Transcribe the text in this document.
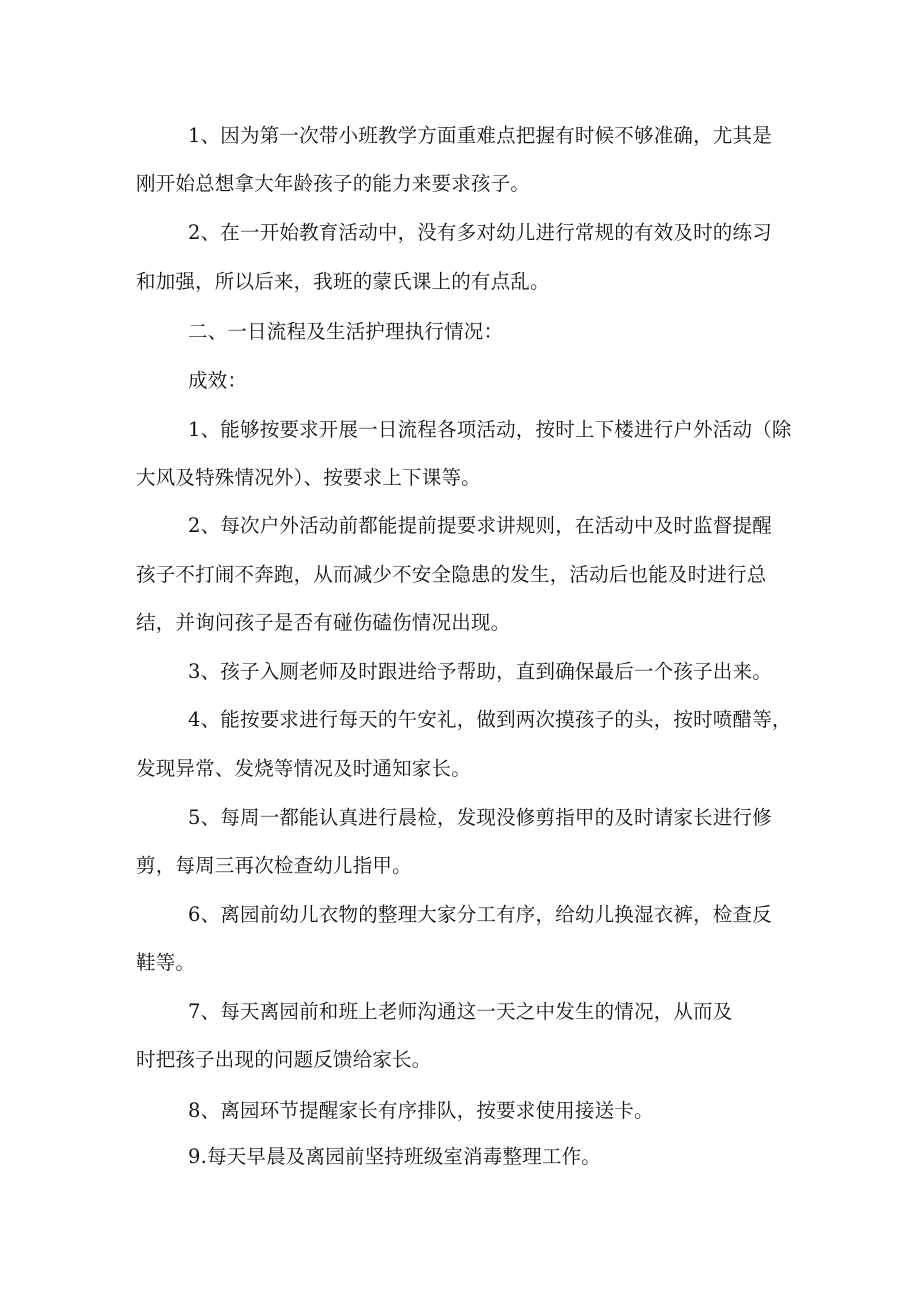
1、因为第一次带小班教学方面重难点把握有时候不够准确，尤其是
刚开始总想拿大年龄孩子的能力来要求孩子。
2、在一开始教育活动中，没有多对幼儿进行常规的有效及时的练习
和加强，所以后来，我班的蒙氏课上的有点乱。
二、一日流程及生活护理执行情况：
成效：
1、能够按要求开展一日流程各项活动，按时上下楼进行户外活动（除
大风及特殊情况外）、按要求上下课等。
2、每次户外活动前都能提前提要求讲规则，在活动中及时监督提醒
孩子不打闹不奔跑，从而减少不安全隐患的发生，活动后也能及时进行总
结，并询问孩子是否有碰伤磕伤情况出现。
3、孩子入厕老师及时跟进给予帮助，直到确保最后一个孩子出来。
4、能按要求进行每天的午安礼，做到两次摸孩子的头，按时喷醋等，
发现异常、发烧等情况及时通知家长。
5、每周一都能认真进行晨检，发现没修剪指甲的及时请家长进行修
剪，每周三再次检查幼儿指甲。
6、离园前幼儿衣物的整理大家分工有序，给幼儿换湿衣裤，检查反
鞋等。
7、每天离园前和班上老师沟通这一天之中发生的情况，从而及
时把孩子出现的问题反馈给家长。
8、离园环节提醒家长有序排队，按要求使用接送卡。
9.每天早晨及离园前坚持班级室消毒整理工作。
